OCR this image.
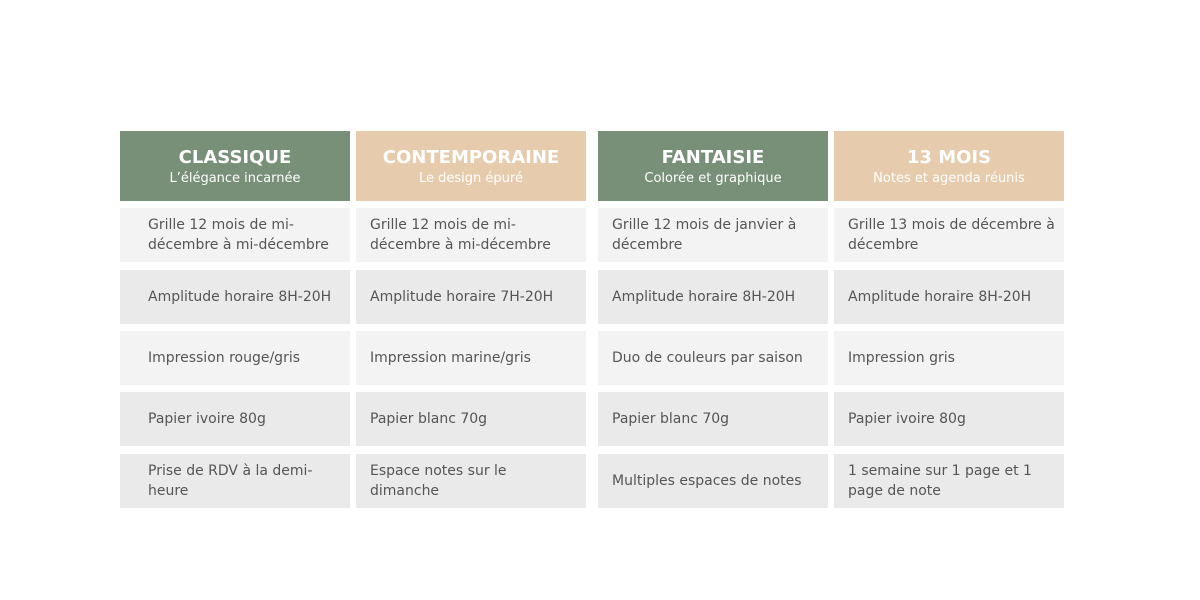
CLASSIQUE
L’élégance incarnée
Grille 12 mois de mi-décembre à mi-décembre
Amplitude horaire 8H-20H
Impression rouge/gris
Papier ivoire 80g
Prise de RDV à la demi-heure
CONTEMPORAINE
Le design épuré
Grille 12 mois de mi-décembre à mi-décembre
Amplitude horaire 7H-20H
Impression marine/gris
Papier blanc 70g
Espace notes sur le dimanche
FANTAISIE
Colorée et graphique
Grille 12 mois de janvier à décembre
Amplitude horaire 8H-20H
Duo de couleurs par saison
Papier blanc 70g
Multiples espaces de notes
13 MOIS
Notes et agenda réunis
Grille 13 mois de décembre à décembre
Amplitude horaire 8H-20H
Impression gris
Papier ivoire 80g
1 semaine sur 1 page et 1 page de note
